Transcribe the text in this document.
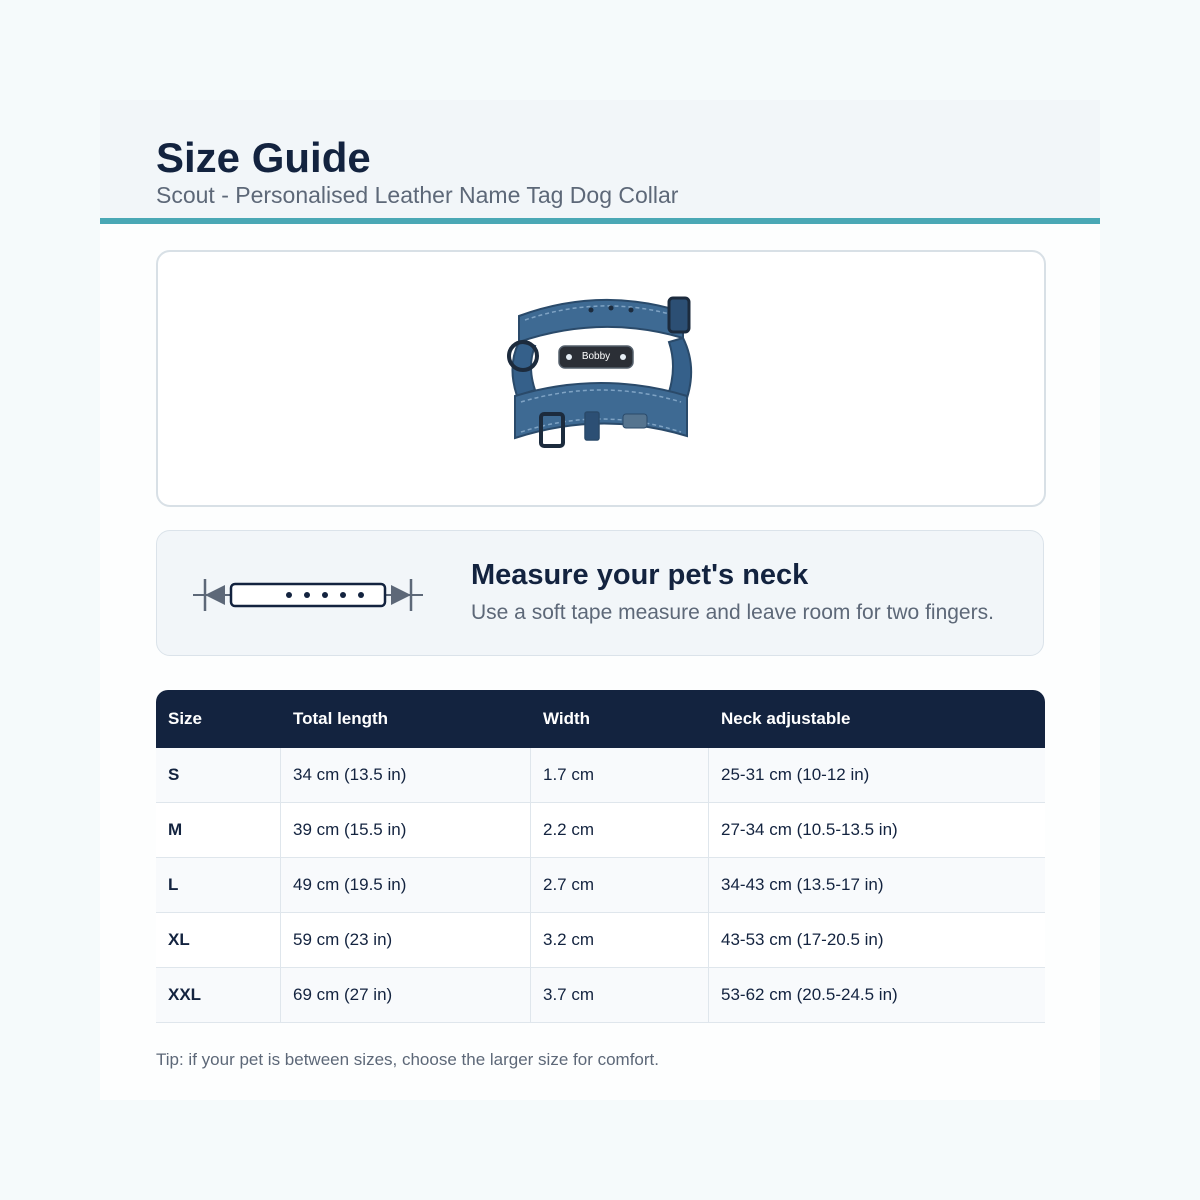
Size Guide
Scout - Personalised Leather Name Tag Dog Collar
Bobby
Measure your pet's neck
Use a soft tape measure and leave room for two fingers.
Size	Total length	Width	Neck adjustable
S	34 cm (13.5 in)	1.7 cm	25-31 cm (10-12 in)
M	39 cm (15.5 in)	2.2 cm	27-34 cm (10.5-13.5 in)
L	49 cm (19.5 in)	2.7 cm	34-43 cm (13.5-17 in)
XL	59 cm (23 in)	3.2 cm	43-53 cm (17-20.5 in)
XXL	69 cm (27 in)	3.7 cm	53-62 cm (20.5-24.5 in)
Tip: if your pet is between sizes, choose the larger size for comfort.
